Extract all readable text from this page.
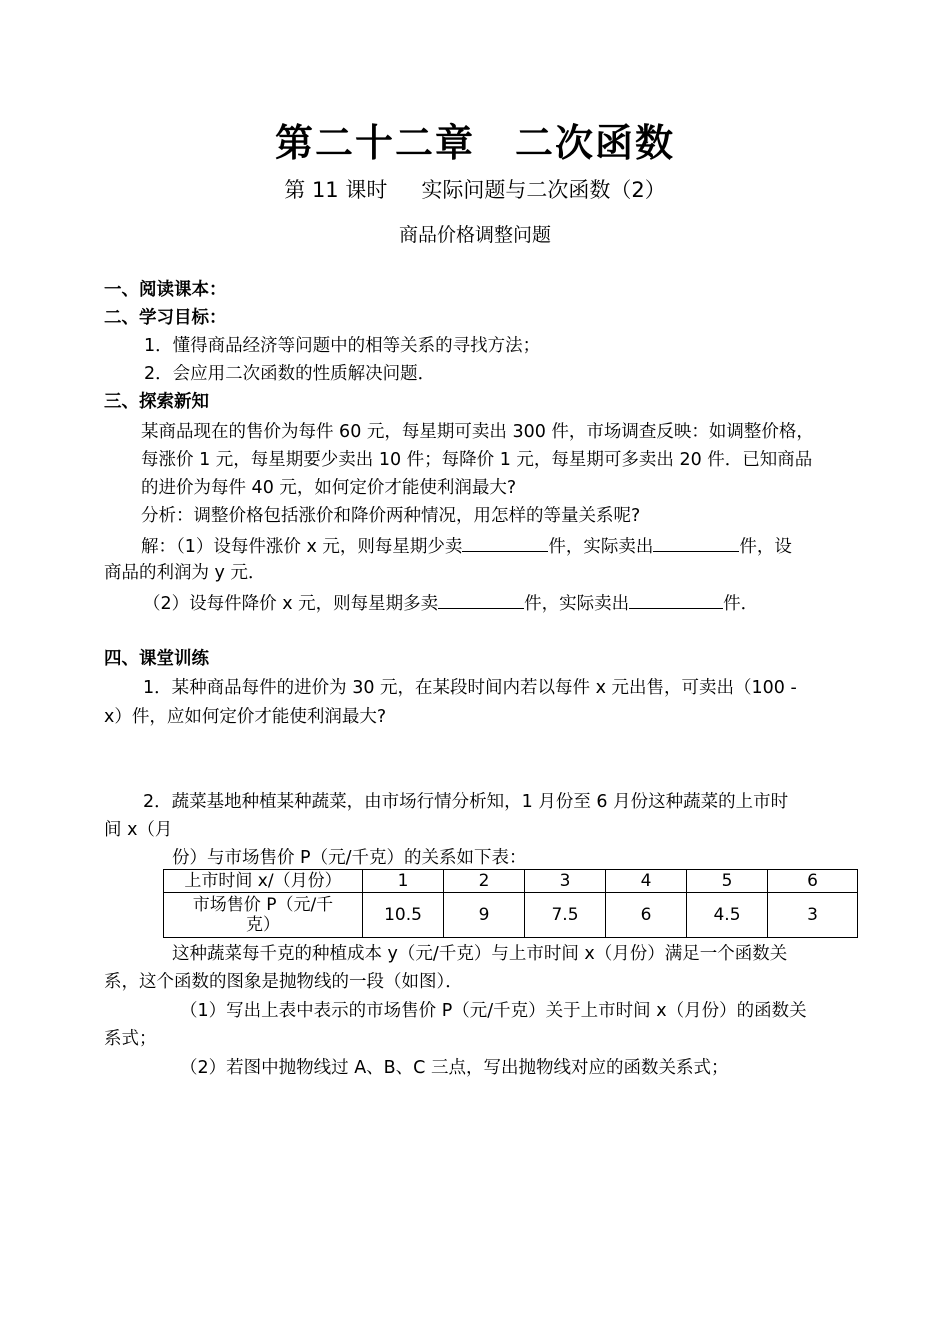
第二十二章　二次函数
第 11 课时 实际问题与二次函数（2）
商品价格调整问题
一、阅读课本：
二、学习目标：
1．懂得商品经济等问题中的相等关系的寻找方法；
2．会应用二次函数的性质解决问题．
三、探索新知
某商品现在的售价为每件 60 元，每星期可卖出 300 件，市场调查反映：如调整价格，
每涨价 1 元，每星期要少卖出 10 件；每降价 1 元，每星期可多卖出 20 件．已知商品
的进价为每件 40 元，如何定价才能使利润最大?
分析：调整价格包括涨价和降价两种情况，用怎样的等量关系呢?
解：（1）设每件涨价 x 元，则每星期少卖	件，实际卖出	件，设
商品的利润为 y 元．
（2）设每件降价 x 元，则每星期多卖	件，实际卖出	件．
四、课堂训练
1．某种商品每件的进价为 30 元，在某段时间内若以每件 x 元出售，可卖出（100 -
x）件，应如何定价才能使利润最大?
2．蔬菜基地种植某种蔬菜，由市场行情分析知，1 月份至 6 月份这种蔬菜的上市时
间 x（月
份）与市场售价 P（元/千克）的关系如下表：
上市时间 x/（月份）	1	2	3	4	5	6

市场售价 P（元/千
克）	10.5	9	7.5	6	4.5	3
这种蔬菜每千克的种植成本 y（元/千克）与上市时间 x（月份）满足一个函数关
系，这个函数的图象是抛物线的一段（如图）．
（1）写出上表中表示的市场售价 P（元/千克）关于上市时间 x（月份）的函数关
系式；
（2）若图中抛物线过 A、B、C 三点，写出抛物线对应的函数关系式；
